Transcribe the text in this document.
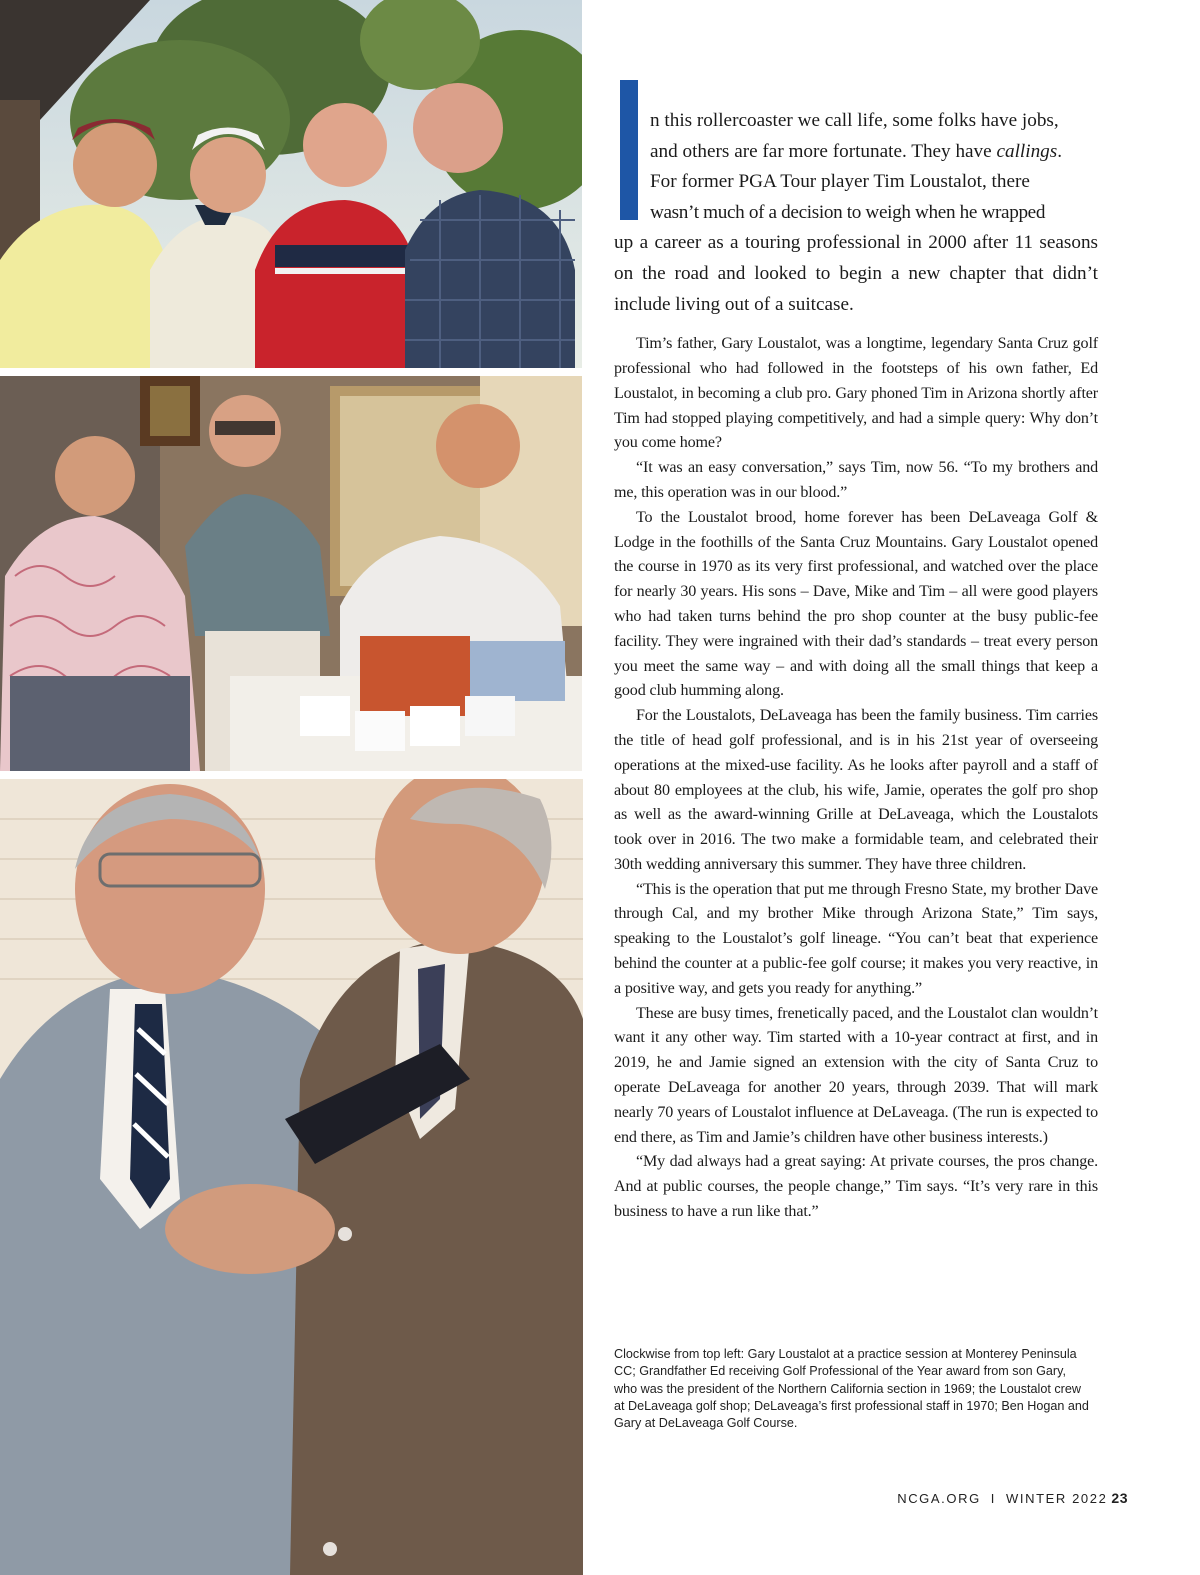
n this rollercoaster we call life, some folks have jobs,

and others are far more fortunate. They have callings.

For former PGA Tour player Tim Loustalot, there

wasn’t much of a decision to weigh when he wrapped

up a career as a touring professional in 2000 after 11 seasons on the road and looked to begin a new chapter that didn’t include living out of a suitcase.

Tim’s father, Gary Loustalot, was a longtime, legendary Santa Cruz golf professional who had followed in the footsteps of his own father, Ed Loustalot, in becoming a club pro. Gary phoned Tim in Arizona shortly after Tim had stopped playing competitively, and had a simple query: Why don’t you come home?

“It was an easy conversation,” says Tim, now 56. “To my brothers and me, this operation was in our blood.”

To the Loustalot brood, home forever has been DeLaveaga Golf & Lodge in the foothills of the Santa Cruz Mountains. Gary Loustalot opened the course in 1970 as its very first professional, and watched over the place for nearly 30 years. His sons – Dave, Mike and Tim – all were good players who had taken turns behind the pro shop counter at the busy public-fee facility. They were ingrained with their dad’s standards – treat every person you meet the same way – and with doing all the small things that keep a good club humming along.

For the Loustalots, DeLaveaga has been the family business. Tim carries the title of head golf professional, and is in his 21st year of overseeing operations at the mixed-use facility. As he looks after payroll and a staff of about 80 employees at the club, his wife, Jamie, operates the golf pro shop as well as the award-winning Grille at DeLaveaga, which the Loustalots took over in 2016. The two make a formidable team, and celebrated their 30th wedding anniversary this summer. They have three children.

“This is the operation that put me through Fresno State, my brother Dave through Cal, and my brother Mike through Arizona State,” Tim says, speaking to the Loustalot’s golf lineage. “You can’t beat that experience behind the counter at a public-fee golf course; it makes you very reactive, in a positive way, and gets you ready for anything.”

These are busy times, frenetically paced, and the Loustalot clan wouldn’t want it any other way. Tim started with a 10-year contract at first, and in 2019, he and Jamie signed an extension with the city of Santa Cruz to operate DeLaveaga for another 20 years, through 2039. That will mark nearly 70 years of Loustalot influence at DeLaveaga. (The run is expected to end there, as Tim and Jamie’s children have other business interests.)

“My dad always had a great saying: At private courses, the pros change. And at public courses, the people change,” Tim says. “It’s very rare in this business to have a run like that.”

Clockwise from top left: Gary Loustalot at a practice session at Monterey Peninsula CC; Grandfather Ed receiving Golf Professional of the Year award from son Gary, who was the president of the Northern California section in 1969; the Loustalot crew at DeLaveaga golf shop; DeLaveaga’s first professional staff in 1970; Ben Hogan and Gary at DeLaveaga Golf Course.
NCGA.ORG I WINTER 2022 23
